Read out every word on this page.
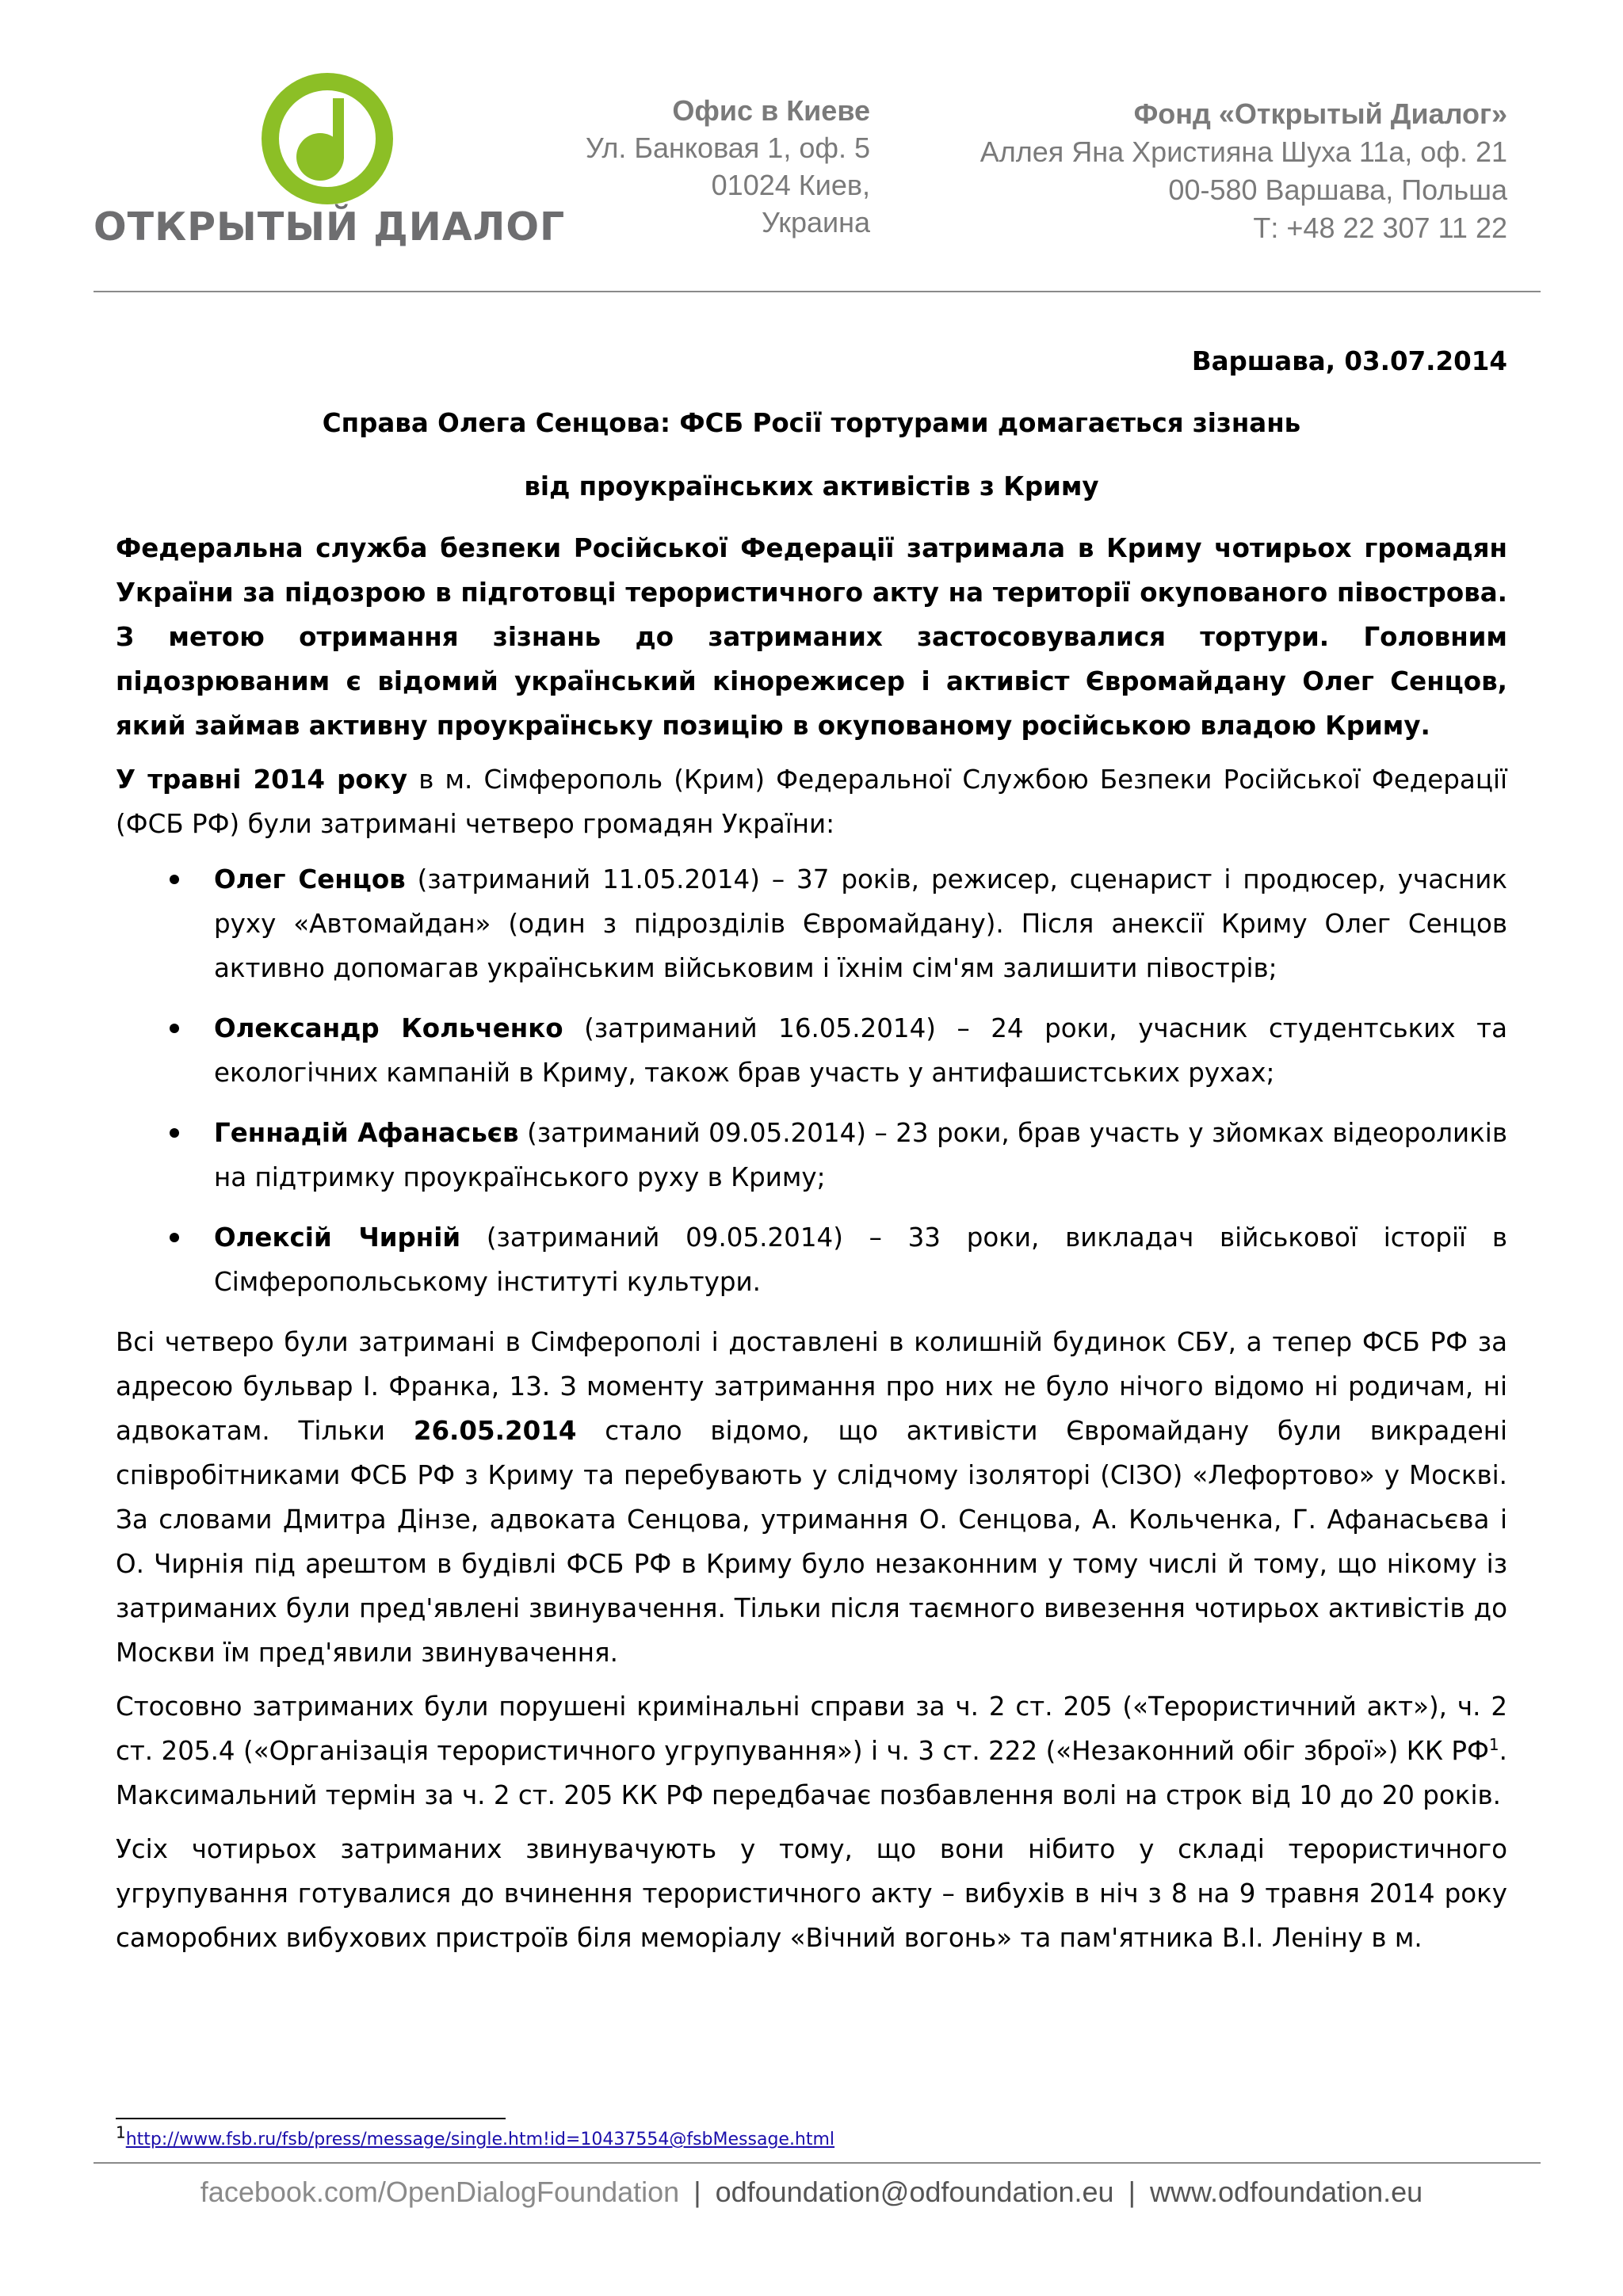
ОТКРЫТЫЙ ДИАЛОГ
Офис в Киеве
Ул. Банковая 1, оф. 5
01024 Киев,
Украина
Фонд «Открытый Диалог»
Аллея Яна Християна Шуха 11а, оф. 21
00-580 Варшава, Польша
Т: +48 22 307 11 22

Варшава, 03.07.2014

Справа Олега Сенцова: ФСБ Росії тортурами домагається зізнань

від проукраїнських активістів з Криму

Федеральна служба безпеки Російської Федерації затримала в Криму чотирьох громадян України за підозрою в підготовці терористичного акту на території окупованого півострова. З метою отримання зізнань до затриманих застосовувалися тортури. Головним підозрюваним є відомий український кінорежисер і активіст Євромайдану Олег Сенцов, який займав активну проукраїнську позицію в окупованому російською владою Криму.

У травні 2014 року в м. Сімферополь (Крим) Федеральної Службою Безпеки Російської Федерації (ФСБ РФ) були затримані четверо громадян України:

Олег Сенцов (затриманий 11.05.2014) – 37 років, режисер, сценарист і продюсер, учасник руху «Автомайдан» (один з підрозділів Євромайдану). Після анексії Криму Олег Сенцов активно допомагав українським військовим і їхнім сім'ям залишити півострів;
Олександр Кольченко (затриманий 16.05.2014) – 24 роки, учасник студентських та екологічних кампаній в Криму, також брав участь у антифашистських рухах;
Геннадій Афанасьєв (затриманий 09.05.2014) – 23 роки, брав участь у зйомках відеороликів на підтримку проукраїнського руху в Криму;
Олексій Чирній (затриманий 09.05.2014) – 33 роки, викладач військової історії в Сімферопольському інституті культури.

Всі четверо були затримані в Сімферополі і доставлені в колишній будинок СБУ, а тепер ФСБ РФ за адресою бульвар І. Франка, 13. З моменту затримання про них не було нічого відомо ні родичам, ні адвокатам. Тільки 26.05.2014 стало відомо, що активісти Євромайдану були викрадені співробітниками ФСБ РФ з Криму та перебувають у слідчому ізоляторі (СІЗО) «Лефортово» у Москві. За словами Дмитра Дінзе, адвоката Сенцова, утримання О. Сенцова, А. Кольченка, Г. Афанасьєва і О. Чирнія під арештом в будівлі ФСБ РФ в Криму було незаконним у тому числі й тому, що нікому із затриманих були пред'явлені звинувачення. Тільки після таємного вивезення чотирьох активістів до Москви їм пред'явили звинувачення.

Стосовно затриманих були порушені кримінальні справи за ч. 2 ст. 205 («Терористичний акт»), ч. 2 ст. 205.4 («Організація терористичного угрупування») і ч. 3 ст. 222 («Незаконний обіг зброї») КК $РФ^1$. Максимальний термін за ч. 2 ст. 205 КК РФ передбачає позбавлення волі на строк від 10 до 20 років.

Усіх чотирьох затриманих звинувачують у тому, що вони нібито у складі терористичного угрупування готувалися до вчинення терористичного акту – вибухів в ніч з 8 на 9 травня 2014 року саморобних вибухових пристроїв біля меморіалу «Вічний вогонь» та пам'ятника В.І. Леніну в м.

$^1$http://www.fsb.ru/fsb/press/message/single.htm!id=10437554@fsbMessage.html
facebook.com/OpenDialogFoundation | odfoundation@odfoundation.eu | www.odfoundation.eu
